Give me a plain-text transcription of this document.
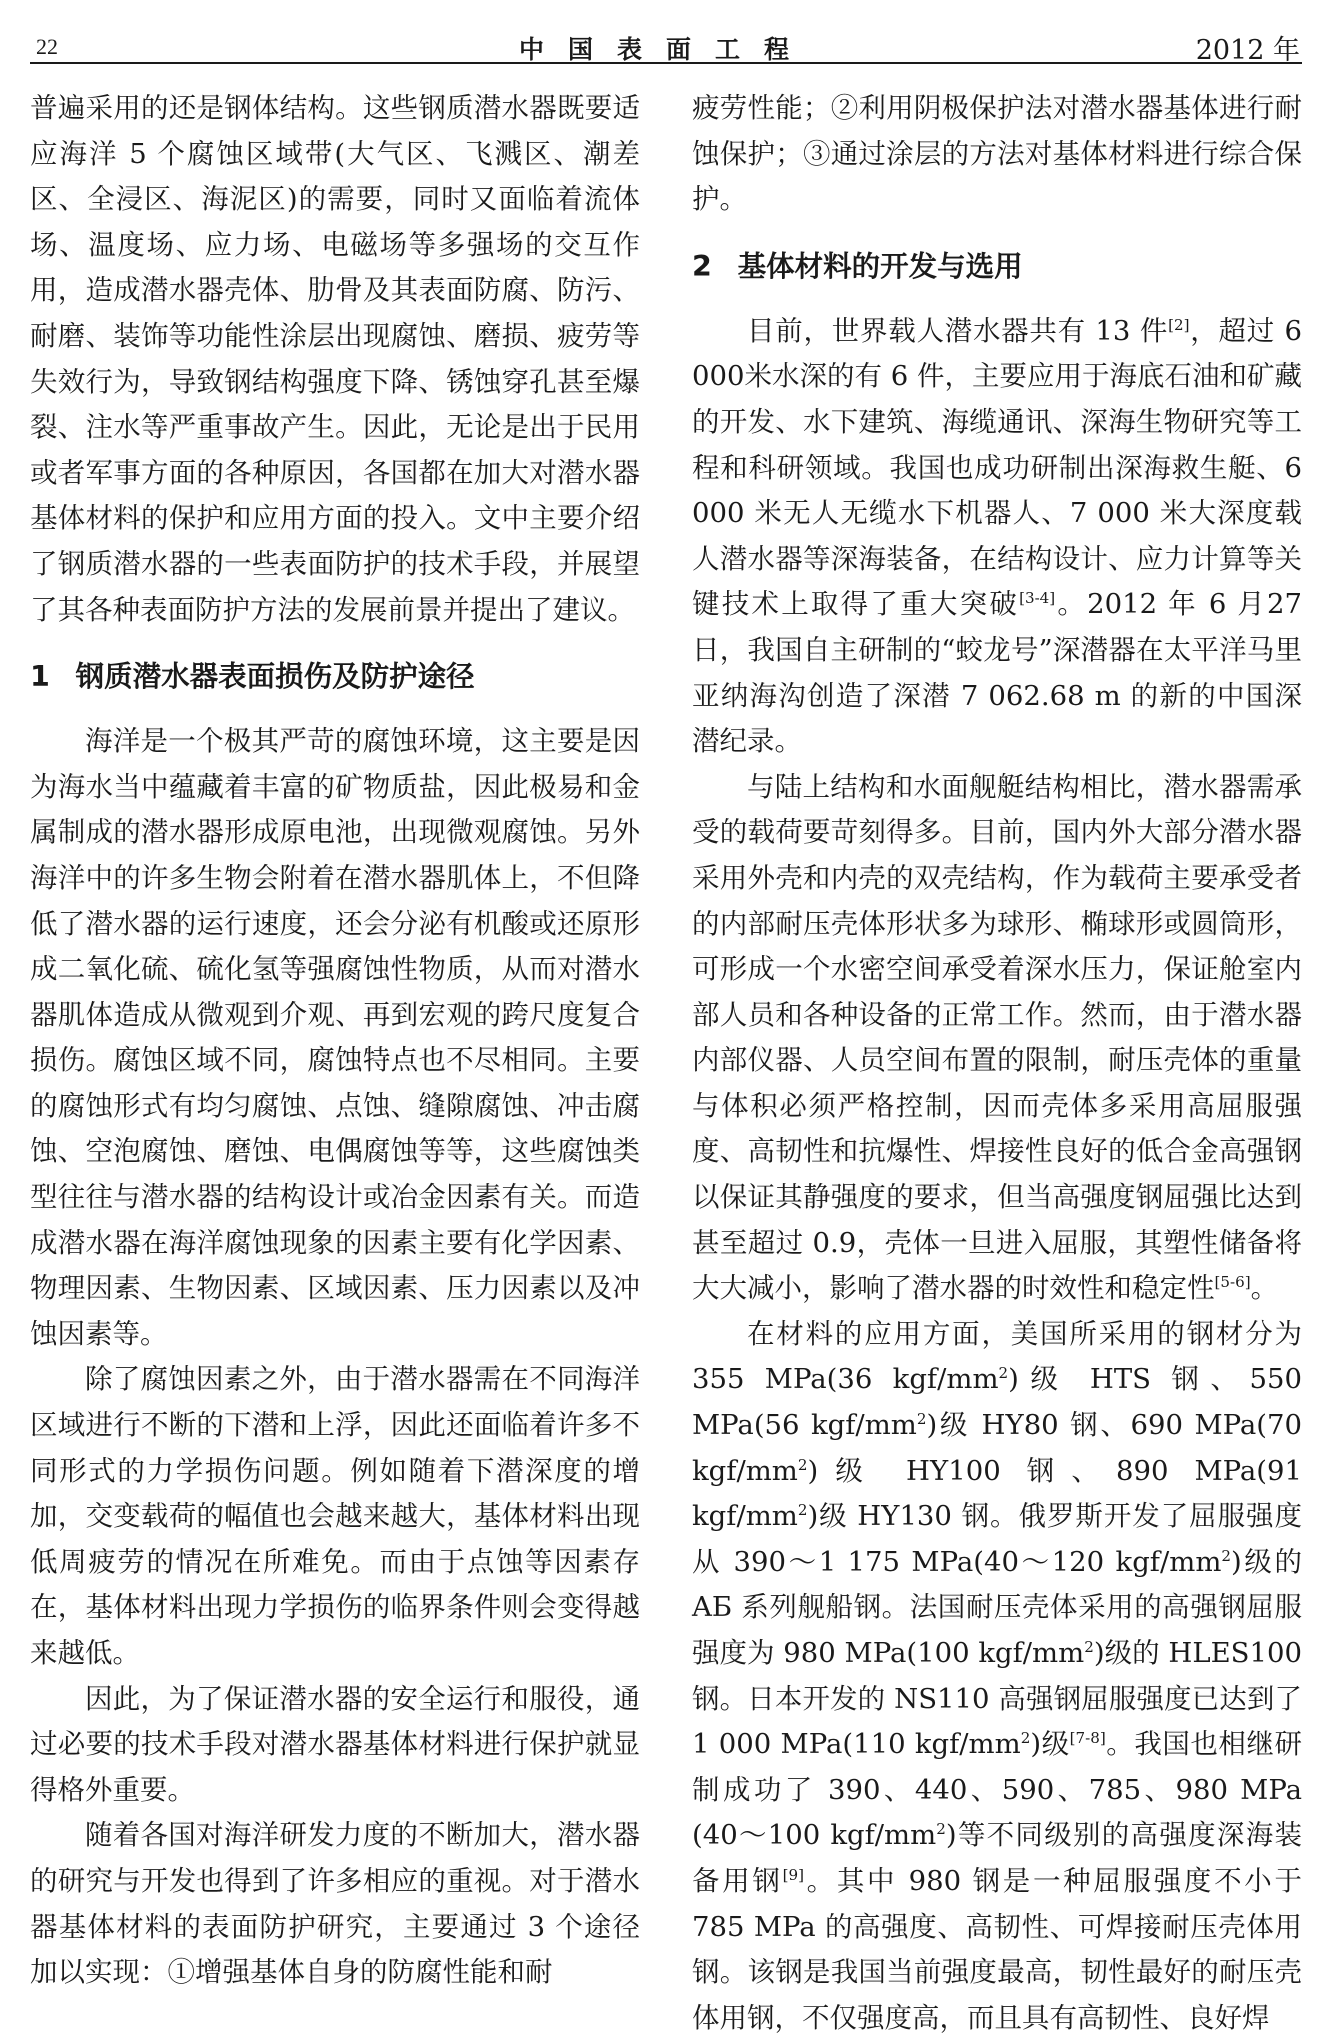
22	中国表面工程	2012 年

普遍采用的还是钢体结构。这些钢质潜水器既要适应海洋 5 个腐蚀区域带(大气区、飞溅区、潮差区、全浸区、海泥区)的需要，同时又面临着流体场、温度场、应力场、电磁场等多强场的交互作用，造成潜水器壳体、肋骨及其表面防腐、防污、耐磨、装饰等功能性涂层出现腐蚀、磨损、疲劳等失效行为，导致钢结构强度下降、锈蚀穿孔甚至爆裂、注水等严重事故产生。因此，无论是出于民用或者军事方面的各种原因，各国都在加大对潜水器基体材料的保护和应用方面的投入。文中主要介绍了钢质潜水器的一些表面防护的技术手段，并展望了其各种表面防护方法的发展前景并提出了建议。

1 钢质潜水器表面损伤及防护途径

海洋是一个极其严苛的腐蚀环境，这主要是因为海水当中蕴藏着丰富的矿物质盐，因此极易和金属制成的潜水器形成原电池，出现微观腐蚀。另外海洋中的许多生物会附着在潜水器肌体上，不但降低了潜水器的运行速度，还会分泌有机酸或还原形成二氧化硫、硫化氢等强腐蚀性物质，从而对潜水器肌体造成从微观到介观、再到宏观的跨尺度复合损伤。腐蚀区域不同，腐蚀特点也不尽相同。主要的腐蚀形式有均匀腐蚀、点蚀、缝隙腐蚀、冲击腐蚀、空泡腐蚀、磨蚀、电偶腐蚀等等，这些腐蚀类型往往与潜水器的结构设计或冶金因素有关。而造成潜水器在海洋腐蚀现象的因素主要有化学因素、物理因素、生物因素、区域因素、压力因素以及冲蚀因素等。

除了腐蚀因素之外，由于潜水器需在不同海洋区域进行不断的下潜和上浮，因此还面临着许多不同形式的力学损伤问题。例如随着下潜深度的增加，交变载荷的幅值也会越来越大，基体材料出现低周疲劳的情况在所难免。而由于点蚀等因素存在，基体材料出现力学损伤的临界条件则会变得越来越低。

因此，为了保证潜水器的安全运行和服役，通过必要的技术手段对潜水器基体材料进行保护就显得格外重要。

随着各国对海洋研发力度的不断加大，潜水器的研究与开发也得到了许多相应的重视。对于潜水器基体材料的表面防护研究，主要通过 3 个途径加以实现：①增强基体自身的防腐性能和耐

疲劳性能；②利用阴极保护法对潜水器基体进行耐蚀保护；③通过涂层的方法对基体材料进行综合保护。

2 基体材料的开发与选用

目前，世界载人潜水器共有 13 件[2]，超过 6 000米水深的有 6 件，主要应用于海底石油和矿藏的开发、水下建筑、海缆通讯、深海生物研究等工程和科研领域。我国也成功研制出深海救生艇、6 000 米无人无缆水下机器人、7 000 米大深度载人潜水器等深海装备，在结构设计、应力计算等关键技术上取得了重大突破[3-4]。2012 年 6 月27 日，我国自主研制的“蛟龙号”深潜器在太平洋马里亚纳海沟创造了深潜 7 062.68 m 的新的中国深潜纪录。

与陆上结构和水面舰艇结构相比，潜水器需承受的载荷要苛刻得多。目前，国内外大部分潜水器采用外壳和内壳的双壳结构，作为载荷主要承受者的内部耐压壳体形状多为球形、椭球形或圆筒形，可形成一个水密空间承受着深水压力，保证舱室内部人员和各种设备的正常工作。然而，由于潜水器内部仪器、人员空间布置的限制，耐压壳体的重量与体积必须严格控制，因而壳体多采用高屈服强度、高韧性和抗爆性、焊接性良好的低合金高强钢以保证其静强度的要求，但当高强度钢屈强比达到甚至超过 0.9，壳体一旦进入屈服，其塑性储备将大大减小，影响了潜水器的时效性和稳定性[5-6]。

在材料的应用方面，美国所采用的钢材分为 355 MPa(36 kgf/$mm^2$)级 HTS 钢、550 MPa(56 kgf/$mm^2$)级 HY80 钢、690 MPa(70 kgf/$mm^2$)级 HY100 钢、890 MPa(91 kgf/$mm^2$)级 HY130 钢。俄罗斯开发了屈服强度从 390～1 175 MPa(40～120 kgf/$mm^2$)级的 AБ 系列舰船钢。法国耐压壳体采用的高强钢屈服强度为 980 MPa(100 kgf/$mm^2$)级的 HLES100 钢。日本开发的 NS110 高强钢屈服强度已达到了 1 000 MPa(110 kgf/$mm^2$)级[7-8]。我国也相继研制成功了 390、440、590、785、980 MPa (40～100 kgf/$mm^2$)等不同级别的高强度深海装备用钢[9]。其中 980 钢是一种屈服强度不小于 785 MPa 的高强度、高韧性、可焊接耐压壳体用钢。该钢是我国当前强度最高，韧性最好的耐压壳体用钢，不仅强度高，而且具有高韧性、良好焊
